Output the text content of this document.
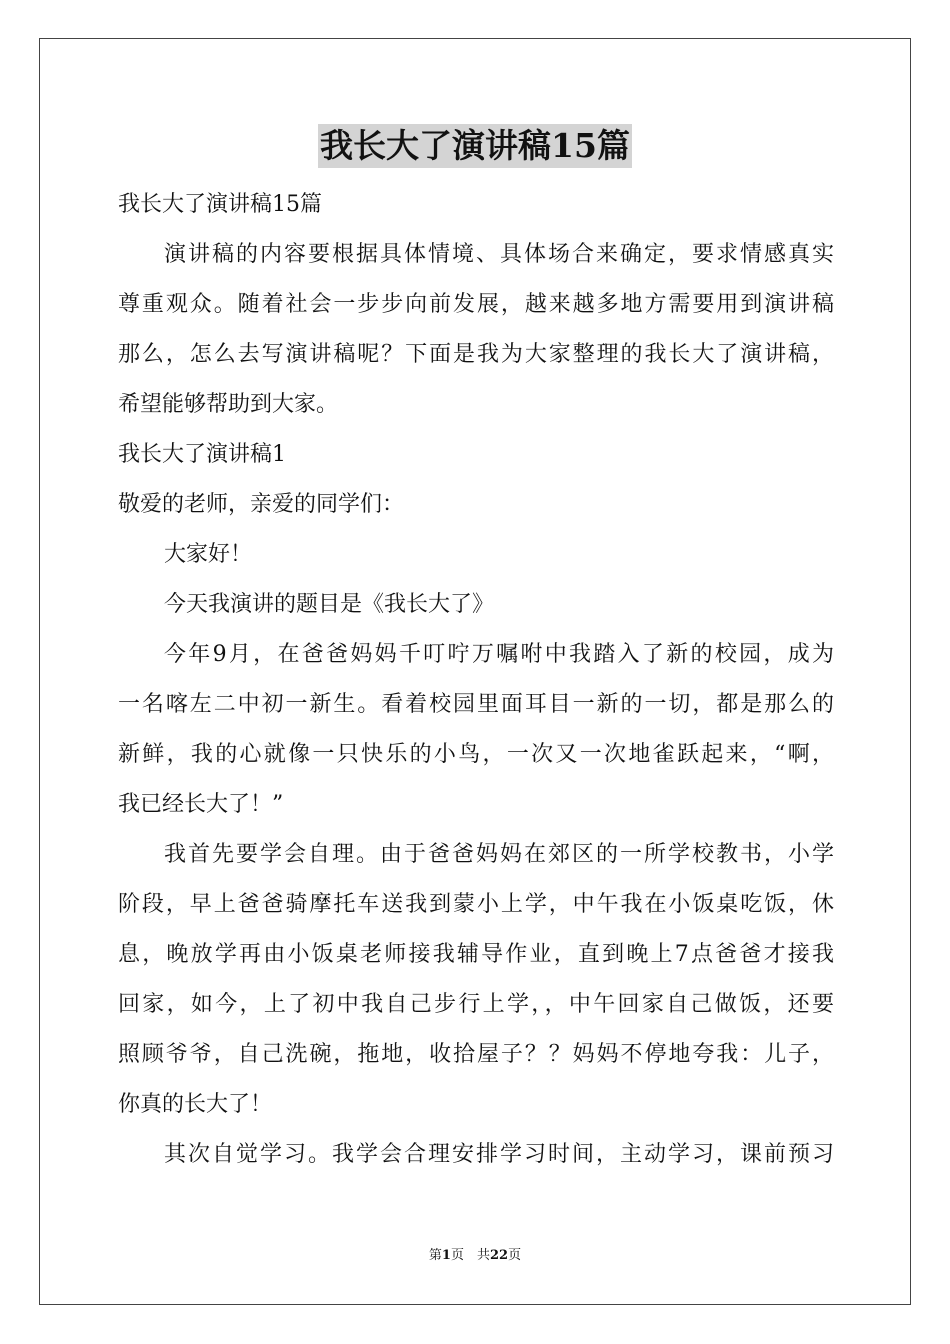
我长大了演讲稿15篇
我长大了演讲稿15篇
演讲稿的内容要根据具体情境、具体场合来确定，要求情感真实
尊重观众。随着社会一步步向前发展，越来越多地方需要用到演讲稿
那么，怎么去写演讲稿呢？下面是我为大家整理的我长大了演讲稿，
希望能够帮助到大家。
我长大了演讲稿1
敬爱的老师，亲爱的同学们：
大家好！
今天我演讲的题目是《我长大了》
今年9月，在爸爸妈妈千叮咛万嘱咐中我踏入了新的校园，成为
一名喀左二中初一新生。看着校园里面耳目一新的一切，都是那么的
新鲜，我的心就像一只快乐的小鸟，一次又一次地雀跃起来，“啊，
我已经长大了！”
我首先要学会自理。由于爸爸妈妈在郊区的一所学校教书，小学
阶段，早上爸爸骑摩托车送我到蒙小上学，中午我在小饭桌吃饭，休
息，晚放学再由小饭桌老师接我辅导作业，直到晚上7点爸爸才接我
回家，如今，上了初中我自己步行上学，，中午回家自己做饭，还要
照顾爷爷，自己洗碗，拖地，收拾屋子？？妈妈不停地夸我：儿子，
你真的长大了！
其次自觉学习。我学会合理安排学习时间，主动学习，课前预习
第1页　共22页
